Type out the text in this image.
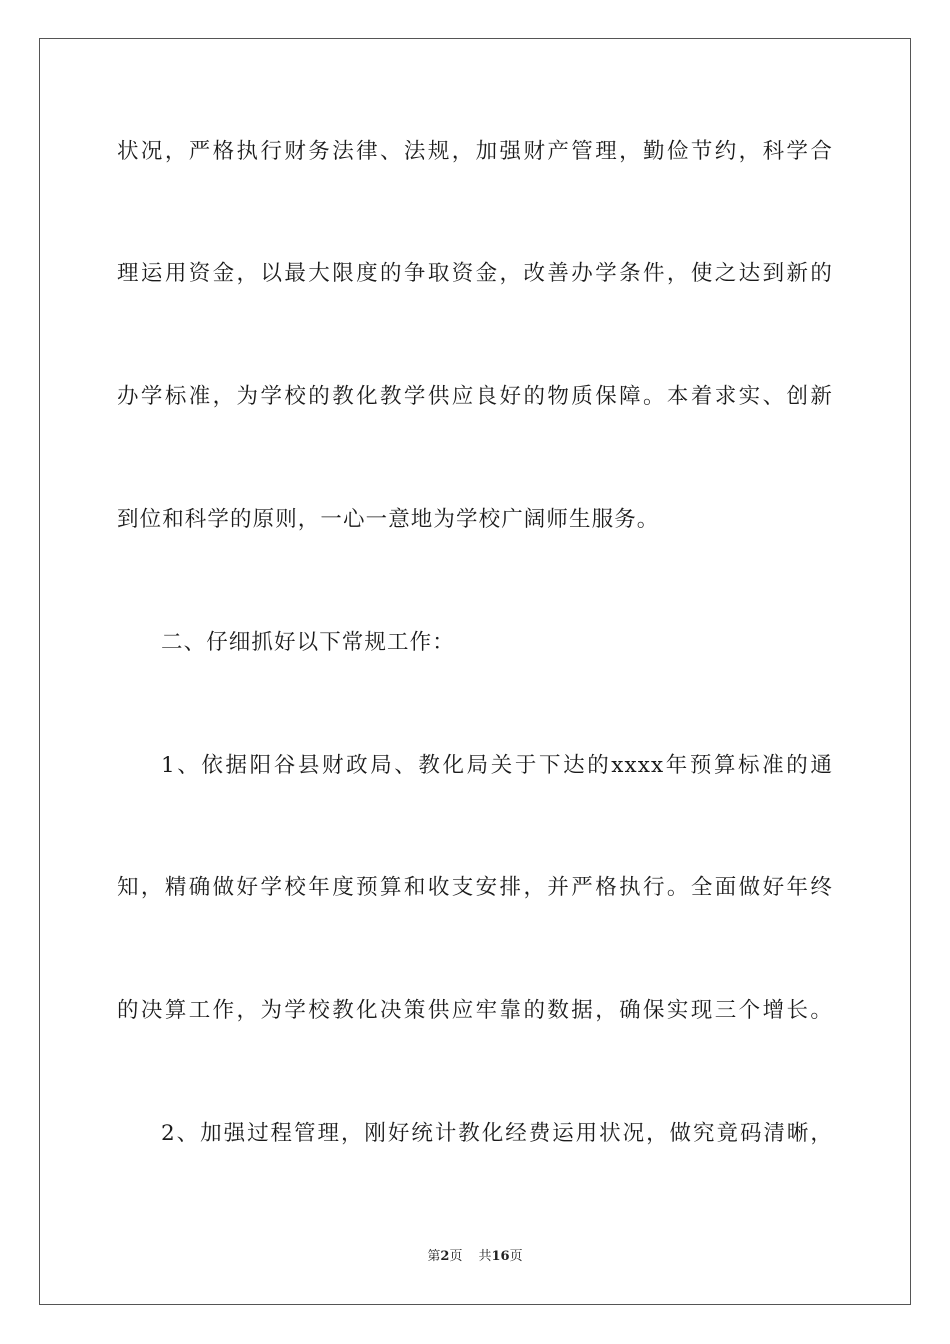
状况，严格执行财务法律、法规，加强财产管理，勤俭节约，科学合
理运用资金，以最大限度的争取资金，改善办学条件，使之达到新的
办学标准，为学校的教化教学供应良好的物质保障。本着求实、创新
到位和科学的原则，一心一意地为学校广阔师生服务。
二、仔细抓好以下常规工作：
1、依据阳谷县财政局、教化局关于下达的xxxx年预算标准的通
知，精确做好学校年度预算和收支安排，并严格执行。全面做好年终
的决算工作，为学校教化决策供应牢靠的数据，确保实现三个增长。
2、加强过程管理，刚好统计教化经费运用状况，做究竟码清晰，
第2页 共16页
